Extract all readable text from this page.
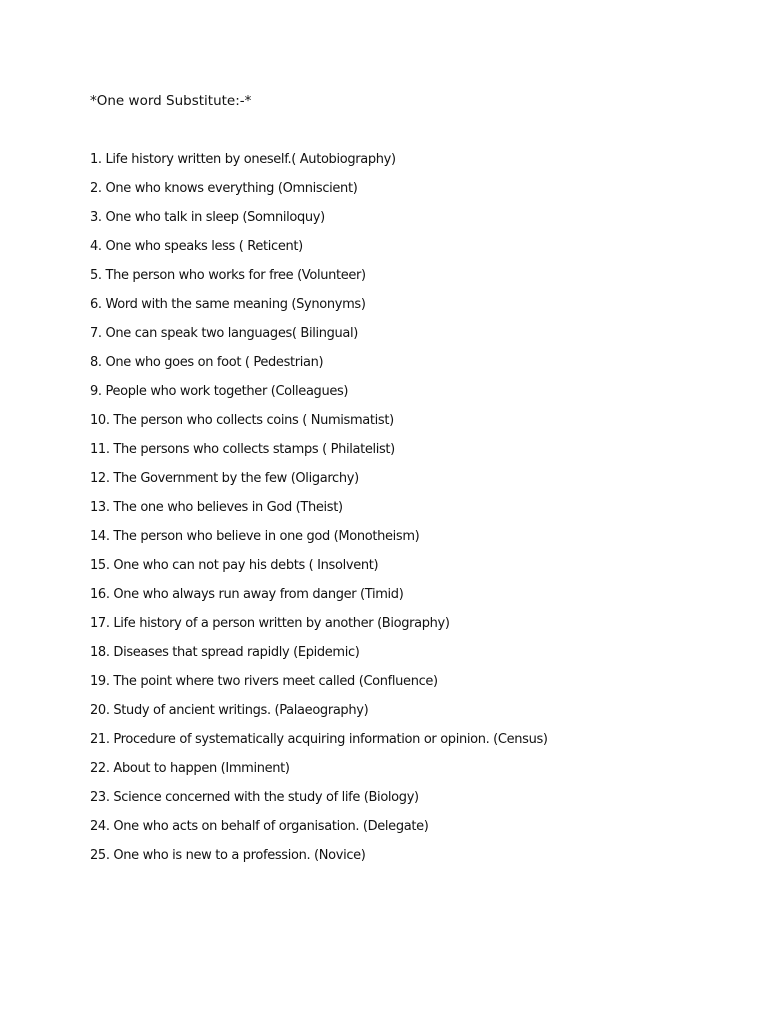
*One word Substitute:-*
1. Life history written by oneself.( Autobiography)
2. One who knows everything (Omniscient)
3. One who talk in sleep (Somniloquy)
4. One who speaks less ( Reticent)
5. The person who works for free (Volunteer)
6. Word with the same meaning (Synonyms)
7. One can speak two languages( Bilingual)
8. One who goes on foot ( Pedestrian)
9. People who work together (Colleagues)
10. The person who collects coins ( Numismatist)
11. The persons who collects stamps ( Philatelist)
12. The Government by the few (Oligarchy)
13. The one who believes in God (Theist)
14. The person who believe in one god (Monotheism)
15. One who can not pay his debts ( Insolvent)
16. One who always run away from danger (Timid)
17. Life history of a person written by another (Biography)
18. Diseases that spread rapidly (Epidemic)
19. The point where two rivers meet called (Confluence)
20. Study of ancient writings. (Palaeography)
21. Procedure of systematically acquiring information or opinion. (Census)
22. About to happen (Imminent)
23. Science concerned with the study of life (Biology)
24. One who acts on behalf of organisation. (Delegate)
25. One who is new to a profession. (Novice)
